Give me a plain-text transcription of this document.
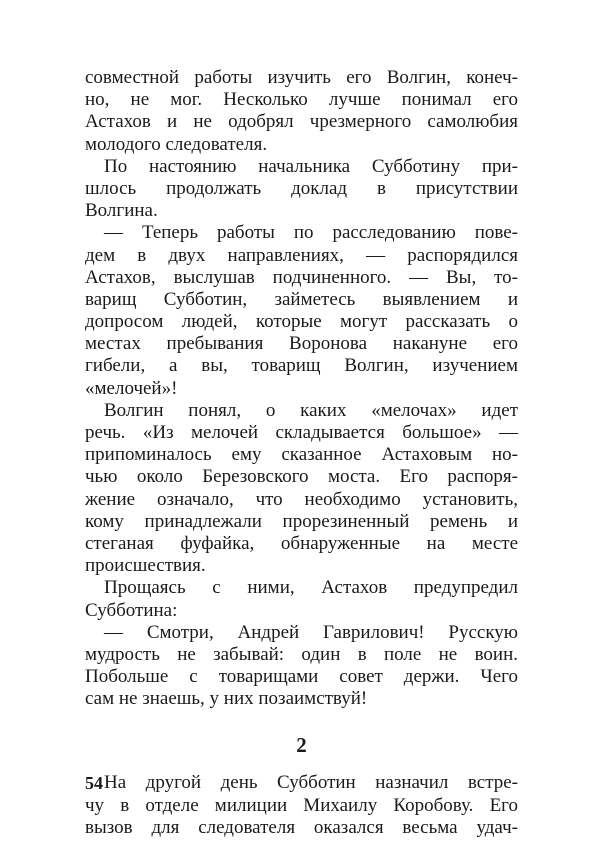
совместной работы изучить его Волгин, конеч-
но, не мог. Несколько лучше понимал его
Астахов и не одобрял чрезмерного самолюбия
молодого следователя.
По настоянию начальника Субботину при-
шлось продолжать доклад в присутствии
Волгина.
— Теперь работы по расследованию пове-
дем в двух направлениях, — распорядился
Астахов, выслушав подчиненного. — Вы, то-
варищ Субботин, займетесь выявлением и
допросом людей, которые могут рассказать о
местах пребывания Воронова накануне его
гибели, а вы, товарищ Волгин, изучением
«мелочей»!
Волгин понял, о каких «мелочах» идет
речь. «Из мелочей складывается большое» —
припоминалось ему сказанное Астаховым но-
чью около Березовского моста. Его распоря-
жение означало, что необходимо установить,
кому принадлежали прорезиненный ремень и
стеганая фуфайка, обнаруженные на месте
происшествия.
Прощаясь с ними, Астахов предупредил
Субботина:
— Смотри, Андрей Гаврилович! Русскую
мудрость не забывай: один в поле не воин.
Побольше с товарищами совет держи. Чего
сам не знаешь, у них позаимствуй!
2
На другой день Субботин назначил встре-
чу в отделе милиции Михаилу Коробову. Его
вызов для следователя оказался весьма удач-
54
